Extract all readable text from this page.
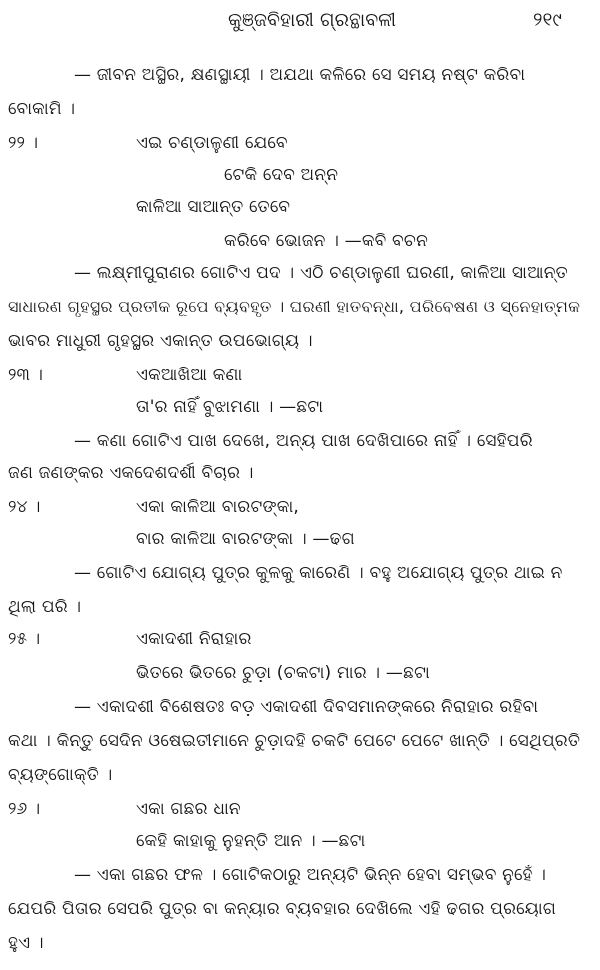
କୁଞ୍ଜବିହାରୀ ଗ୍ରନ୍ଥାବଳୀ	୨୧୯
— ଜୀବନ ଅସ୍ଥିର, କ୍ଷଣସ୍ଥାୟୀ । ଅଯଥା କଳିରେ ସେ ସମୟ ନଷ୍ଟ କରିବା
ବୋକାମି ।
୨୨ ।	ଏଇ ଚଣ୍ଡାଳୁଣୀ ଯେବେ
ଟେକି ଦେବ ଅନ୍ନ
କାଳିଆ ସାଆନ୍ତ ତେବେ
କରିବେ ଭୋଜନ । —କବି ବଚନ
— ଲକ୍ଷ୍ମୀପୁରାଣର ଗୋଟିଏ ପଦ । ଏଠି ଚଣ୍ଡାଳୁଣୀ ଘରଣୀ, କାଳିଆ ସାଆନ୍ତ
ସାଧାରଣ ଗୃହସ୍ଥର ପ୍ରତୀକ ରୂପେ ବ୍ୟବହୃତ । ଘରଣୀ ହାତବନ୍ଧା, ପରିବେଷଣ ଓ ସ୍ନେହାତ୍ମକ
ଭାବର ମାଧୁରୀ ଗୃହସ୍ଥର ଏକାନ୍ତ ଉପଭୋଗ୍ୟ ।
୨୩ ।	ଏକଆଖିଆ କଣା
ତା'ର ନାହିଁ ବୁଝାମଣା । —ଛଟା
— କଣା ଗୋଟିଏ ପାଖ ଦେଖେ, ଅନ୍ୟ ପାଖ ଦେଖିପାରେ ନାହିଁ । ସେହିପରି
ଜଣ ଜଣଙ୍କର ଏକଦେଶଦର୍ଶୀ ବିଚାର ।
୨୪ ।	ଏକା କାଳିଆ ବାରଟଙ୍କା,
ବାର କାଳିଆ ବାରଟଙ୍କା । —ଢଗ
— ଗୋଟିଏ ଯୋଗ୍ୟ ପୁତ୍ର କୁଳକୁ କାରେଣି । ବହୁ ଅଯୋଗ୍ୟ ପୁତ୍ର ଥାଇ ନ
ଥିଲା ପରି ।
୨୫ ।	ଏକାଦଶୀ ନିରାହାର
ଭିତରେ ଭିତରେ ଚୁଡ଼ା (ଚକଟା) ମାର । —ଛଟା
— ଏକାଦଶୀ ବିଶେଷତଃ ବଡ଼ ଏକାଦଶୀ ଦିବସମାନଙ୍କରେ ନିରାହାର ରହିବା
କଥା । କିନ୍ତୁ ସେଦିନ ଓଷେଇତୀମାନେ ଚୁଡ଼ାଦହି ଚକଟି ପେଟେ ପେଟେ ଖାନ୍ତି । ସେଥିପ୍ରତି
ବ୍ୟଙ୍ଗୋକ୍ତି ।
୨୬ ।	ଏକା ଗଛର ଧାନ
କେହି କାହାକୁ ନୁହନ୍ତି ଆନ । —ଛଟା
— ଏକା ଗଛର ଫଳ । ଗୋଟିକଠାରୁ ଅନ୍ୟଟି ଭିନ୍ନ ହେବା ସମ୍ଭବ ନୁହେଁ ।
ଯେପରି ପିତାର ସେପରି ପୁତ୍ର ବା କନ୍ୟାର ବ୍ୟବହାର ଦେଖିଲେ ଏହି ଢଗର ପ୍ରୟୋଗ
ହୁଏ ।
